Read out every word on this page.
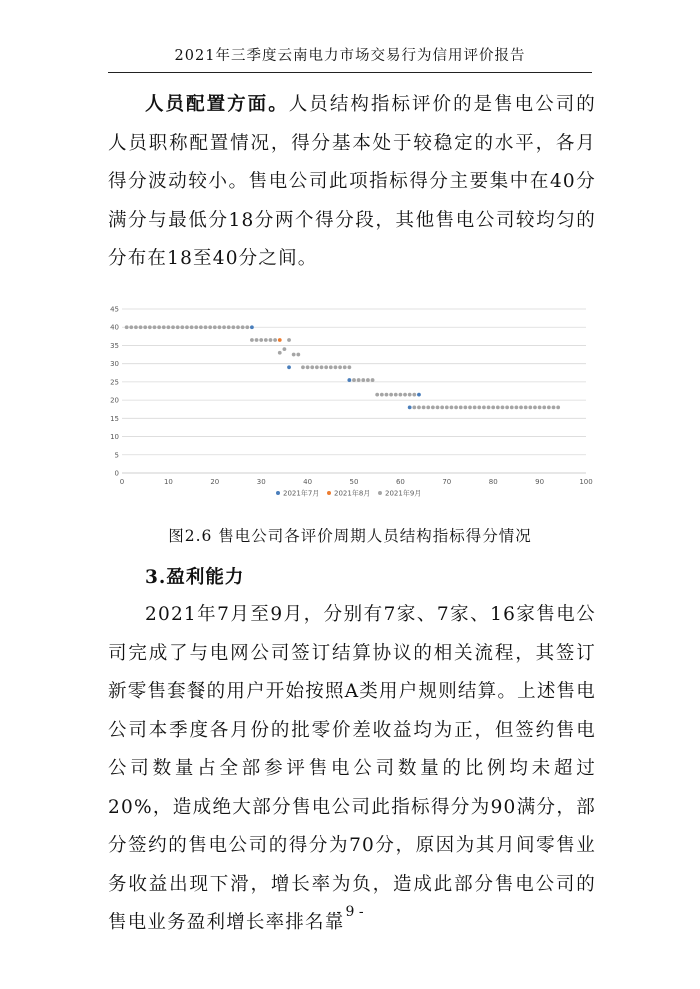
2021年三季度云南电力市场交易行为信用评价报告
人员配置方面。人员结构指标评价的是售电公司的人员职称配置情况，得分基本处于较稳定的水平，各月得分波动较小。售电公司此项指标得分主要集中在40分满分与最低分18分两个得分段，其他售电公司较均匀的分布在18至40分之间。
0
5
10
15
20
25
30
35
40
45
0	10	20	30	40	50	60	70	80	90	100
2021年7月 2021年8月 2021年9月
图2.6 售电公司各评价周期人员结构指标得分情况
3.盈利能力
2021年7月至9月，分别有7家、7家、16家售电公司完成了与电网公司签订结算协议的相关流程，其签订新零售套餐的用户开始按照A类用户规则结算。上述售电公司本季度各月份的批零价差收益均为正，但签约售电公司数量占全部参评售电公司数量的比例均未超过20%，造成绝大部分售电公司此指标得分为90满分，部分签约的售电公司的得分为70分，原因为其月间零售业务收益出现下滑，增长率为负，造成此部分售电公司的售电业务盈利增长率排名靠
- 9 -
